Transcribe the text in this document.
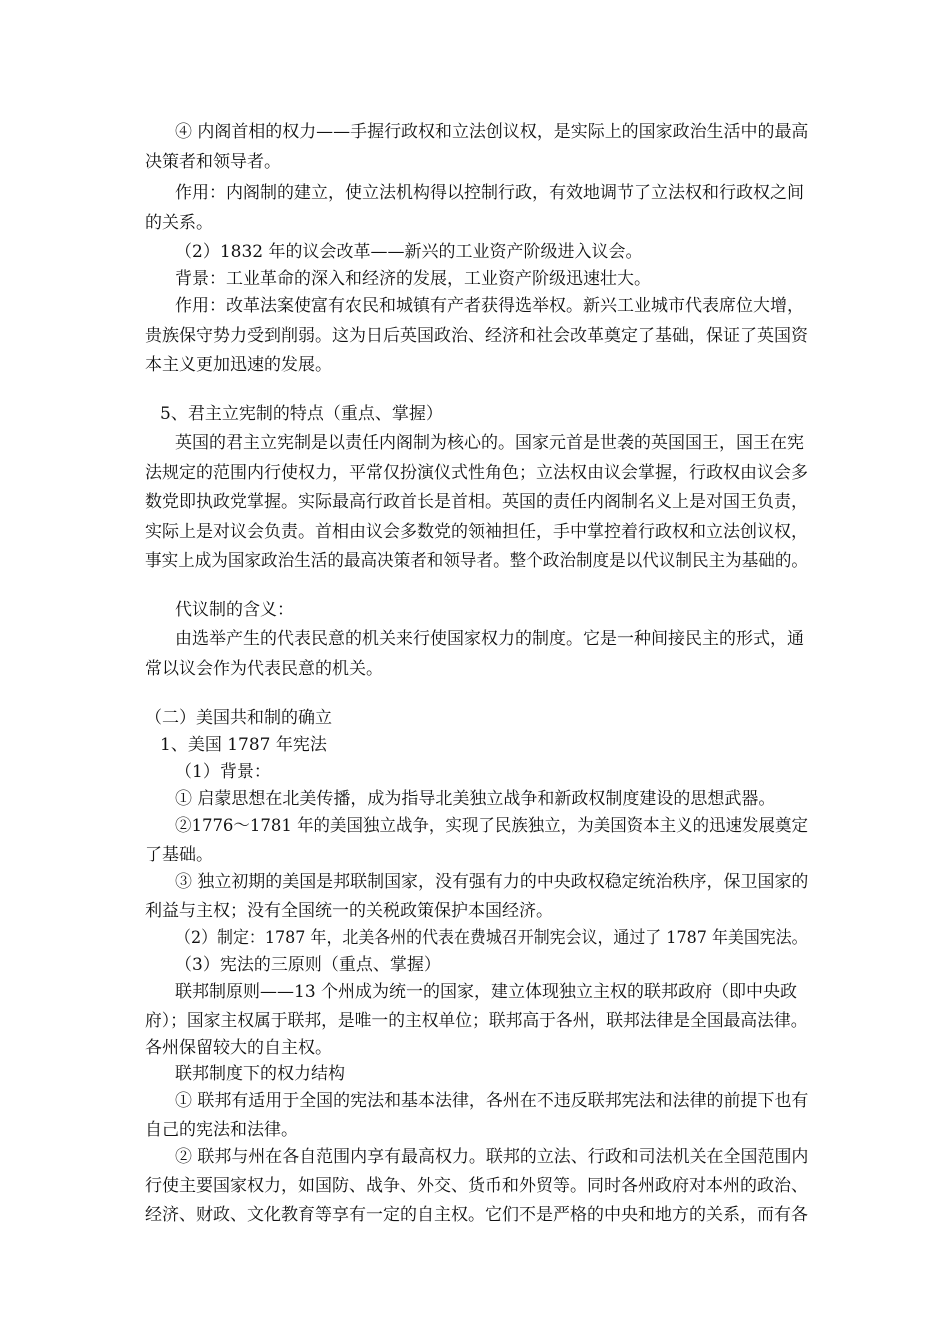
④ 内阁首相的权力——手握行政权和立法创议权，是实际上的国家政治生活中的最高
决策者和领导者。
作用：内阁制的建立，使立法机构得以控制行政，有效地调节了立法权和行政权之间
的关系。
（2）1832 年的议会改革——新兴的工业资产阶级进入议会。
背景：工业革命的深入和经济的发展，工业资产阶级迅速壮大。
作用：改革法案使富有农民和城镇有产者获得选举权。新兴工业城市代表席位大增，
贵族保守势力受到削弱。这为日后英国政治、经济和社会改革奠定了基础，保证了英国资
本主义更加迅速的发展。
5、君主立宪制的特点（重点、掌握）
英国的君主立宪制是以责任内阁制为核心的。国家元首是世袭的英国国王，国王在宪
法规定的范围内行使权力，平常仅扮演仪式性角色；立法权由议会掌握，行政权由议会多
数党即执政党掌握。实际最高行政首长是首相。英国的责任内阁制名义上是对国王负责，
实际上是对议会负责。首相由议会多数党的领袖担任，手中掌控着行政权和立法创议权，
事实上成为国家政治生活的最高决策者和领导者。整个政治制度是以代议制民主为基础的。
代议制的含义：
由选举产生的代表民意的机关来行使国家权力的制度。它是一种间接民主的形式，通
常以议会作为代表民意的机关。
（二）美国共和制的确立
1、美国 1787 年宪法
（1）背景：
① 启蒙思想在北美传播，成为指导北美独立战争和新政权制度建设的思想武器。
②1776～1781 年的美国独立战争，实现了民族独立，为美国资本主义的迅速发展奠定
了基础。
③ 独立初期的美国是邦联制国家，没有强有力的中央政权稳定统治秩序，保卫国家的
利益与主权；没有全国统一的关税政策保护本国经济。
（2）制定：1787 年，北美各州的代表在费城召开制宪会议，通过了 1787 年美国宪法。
（3）宪法的三原则（重点、掌握）
联邦制原则——13 个州成为统一的国家，建立体现独立主权的联邦政府（即中央政
府）；国家主权属于联邦，是唯一的主权单位；联邦高于各州，联邦法律是全国最高法律。
各州保留较大的自主权。
联邦制度下的权力结构
① 联邦有适用于全国的宪法和基本法律，各州在不违反联邦宪法和法律的前提下也有
自己的宪法和法律。
② 联邦与州在各自范围内享有最高权力。联邦的立法、行政和司法机关在全国范围内
行使主要国家权力，如国防、战争、外交、货币和外贸等。同时各州政府对本州的政治、
经济、财政、文化教育等享有一定的自主权。它们不是严格的中央和地方的关系，而有各
